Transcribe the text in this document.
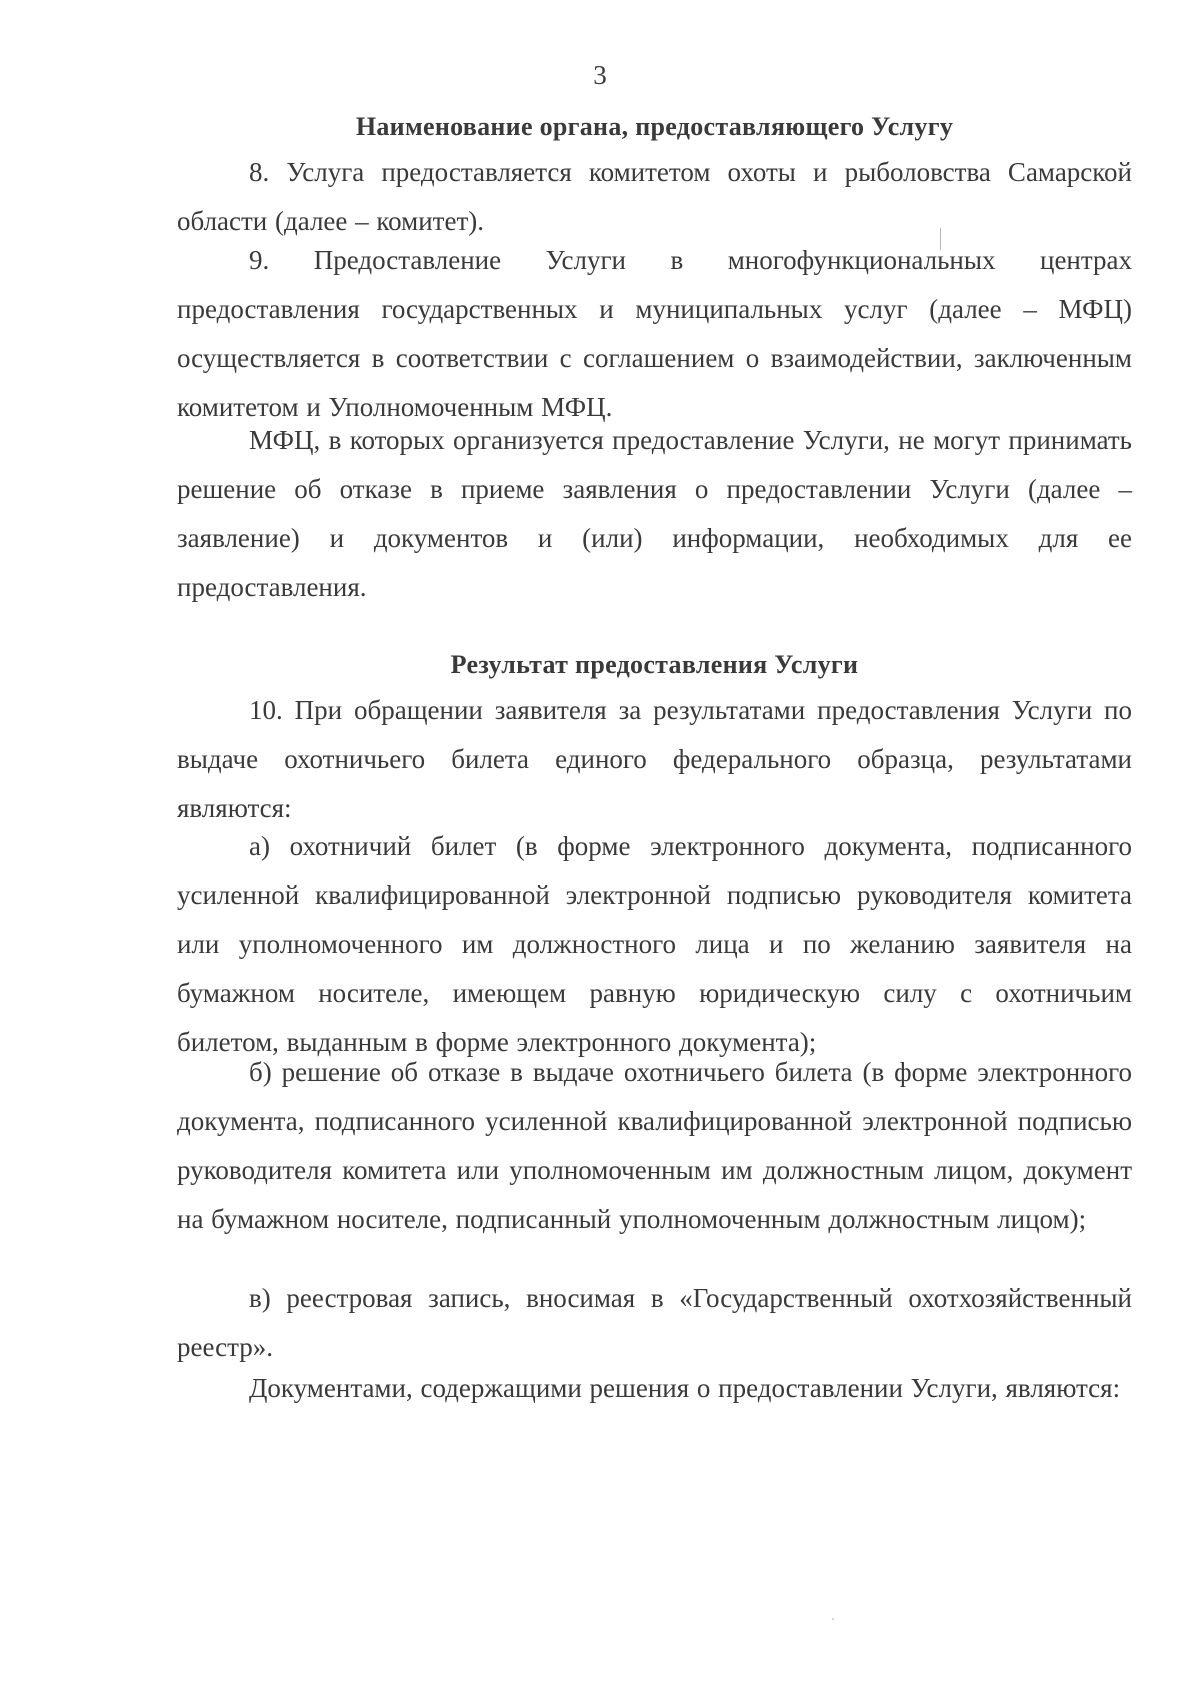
3

Наименование органа, предоставляющего Услугу

8. Услуга предоставляется комитетом охоты и рыболовства Самарской области (далее – комитет).

9. Предоставление Услуги в многофункциональных центрах предоставления государственных и муниципальных услуг (далее – МФЦ) осуществляется в соответствии с соглашением о взаимодействии, заключенным комитетом и Уполномоченным МФЦ.

МФЦ, в которых организуется предоставление Услуги, не могут принимать решение об отказе в приеме заявления о предоставлении Услуги (далее – заявление) и документов и (или) информации, необходимых для ее предоставления.

Результат предоставления Услуги

10. При обращении заявителя за результатами предоставления Услуги по выдаче охотничьего билета единого федерального образца, результатами являются:

а) охотничий билет (в форме электронного документа, подписанного усиленной квалифицированной электронной подписью руководителя комитета или уполномоченного им должностного лица и по желанию заявителя на бумажном носителе, имеющем равную юридическую силу с охотничьим билетом, выданным в форме электронного документа);

б) решение об отказе в выдаче охотничьего билета (в форме электронного документа, подписанного усиленной квалифицированной электронной подписью руководителя комитета или уполномоченным им должностным лицом, документ на бумажном носителе, подписанный уполномоченным должностным лицом);

в) реестровая запись, вносимая в «Государственный охотхозяйственный реестр».

Документами, содержащими решения о предоставлении Услуги, являются:
